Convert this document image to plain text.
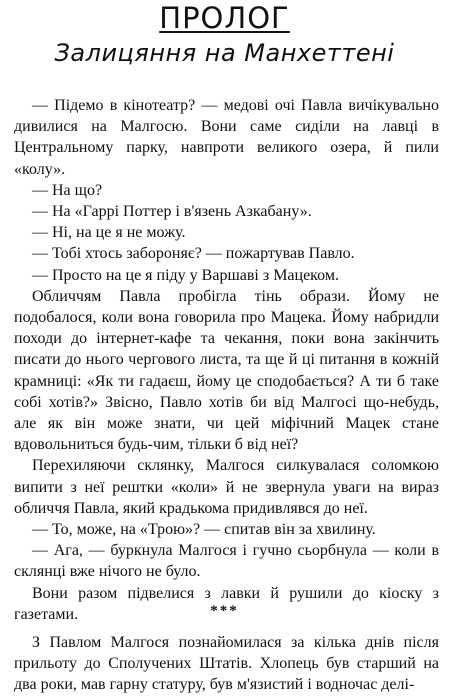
ПРОЛОГ
Залицяння на Манхеттені

— Підемо в кінотеатр? — медові очі Павла вичікувально дивилися на Малгосю. Вони саме сиділи на лавці в Центральному парку, навпроти великого озера, й пили «колу».

— На що?

— На «Гаррі Поттер і в'язень Азкабану».

— Ні, на це я не можу.

— Тобі хтось забороняє? — пожартував Павло.

— Просто на це я піду у Варшаві з Мацеком.

Обличчям Павла пробігла тінь образи. Йому не подобалося, коли вона говорила про Мацека. Йому набридли походи до інтернет-кафе та чекання, поки вона закінчить писати до нього чергового листа, та ще й ці питання в кожній крамниці: «Як ти гадаєш, йому це сподобається? А ти б таке собі хотів?» Звісно, Павло хотів би від Малгосі що-небудь, але як він може знати, чи цей міфічний Мацек стане вдовольниться будь-чим, тільки б від неї?

Перехиляючи склянку, Малгося силкувалася соломкою випити з неї рештки «коли» й не звернула уваги на вираз обличчя Павла, який крадькома придивлявся до неї.

— То, може, на «Трою»? — спитав він за хвилину.

— Ага, — буркнула Малгося і гучно сьорбнула — коли в склянці вже нічого не було.

Вони разом підвелися з лавки й рушили до кіоску з газетами.	***

З Павлом Малгося познайомилася за кілька днів після прильоту до Сполучених Штатів. Хлопець був старший на два роки, мав гарну статуру, був м'язистий і водночас делі-
